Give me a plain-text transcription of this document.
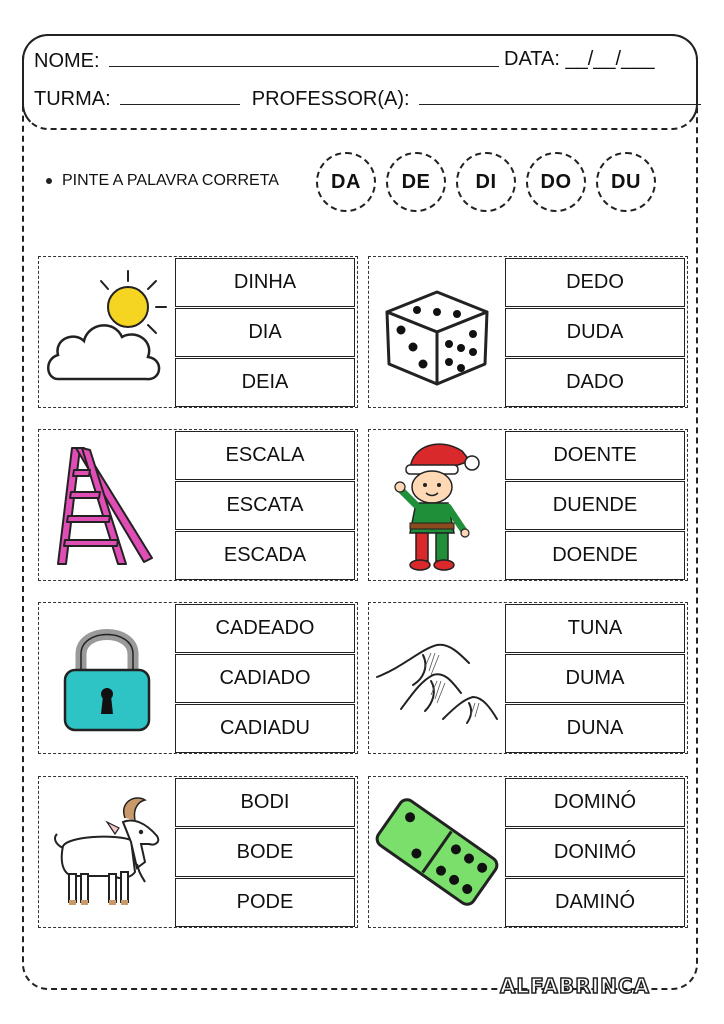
NOME:	DATA: __/__/___
TURMA:	PROFESSOR(A):
PINTE A PALAVRA CORRETA	DA	DE	DI	DO	DU
DINHA
DIA
DEIA
DEDO
DUDA
DADO
ESCALA
ESCATA
ESCADA
DOENTE
DUENDE
DOENDE
CADEADO
CADIADO
CADIADU
TUNA
DUMA
DUNA
BODI
BODE
PODE
DOMINÓ
DONIMÓ
DAMINÓ
ALFABRINCA
